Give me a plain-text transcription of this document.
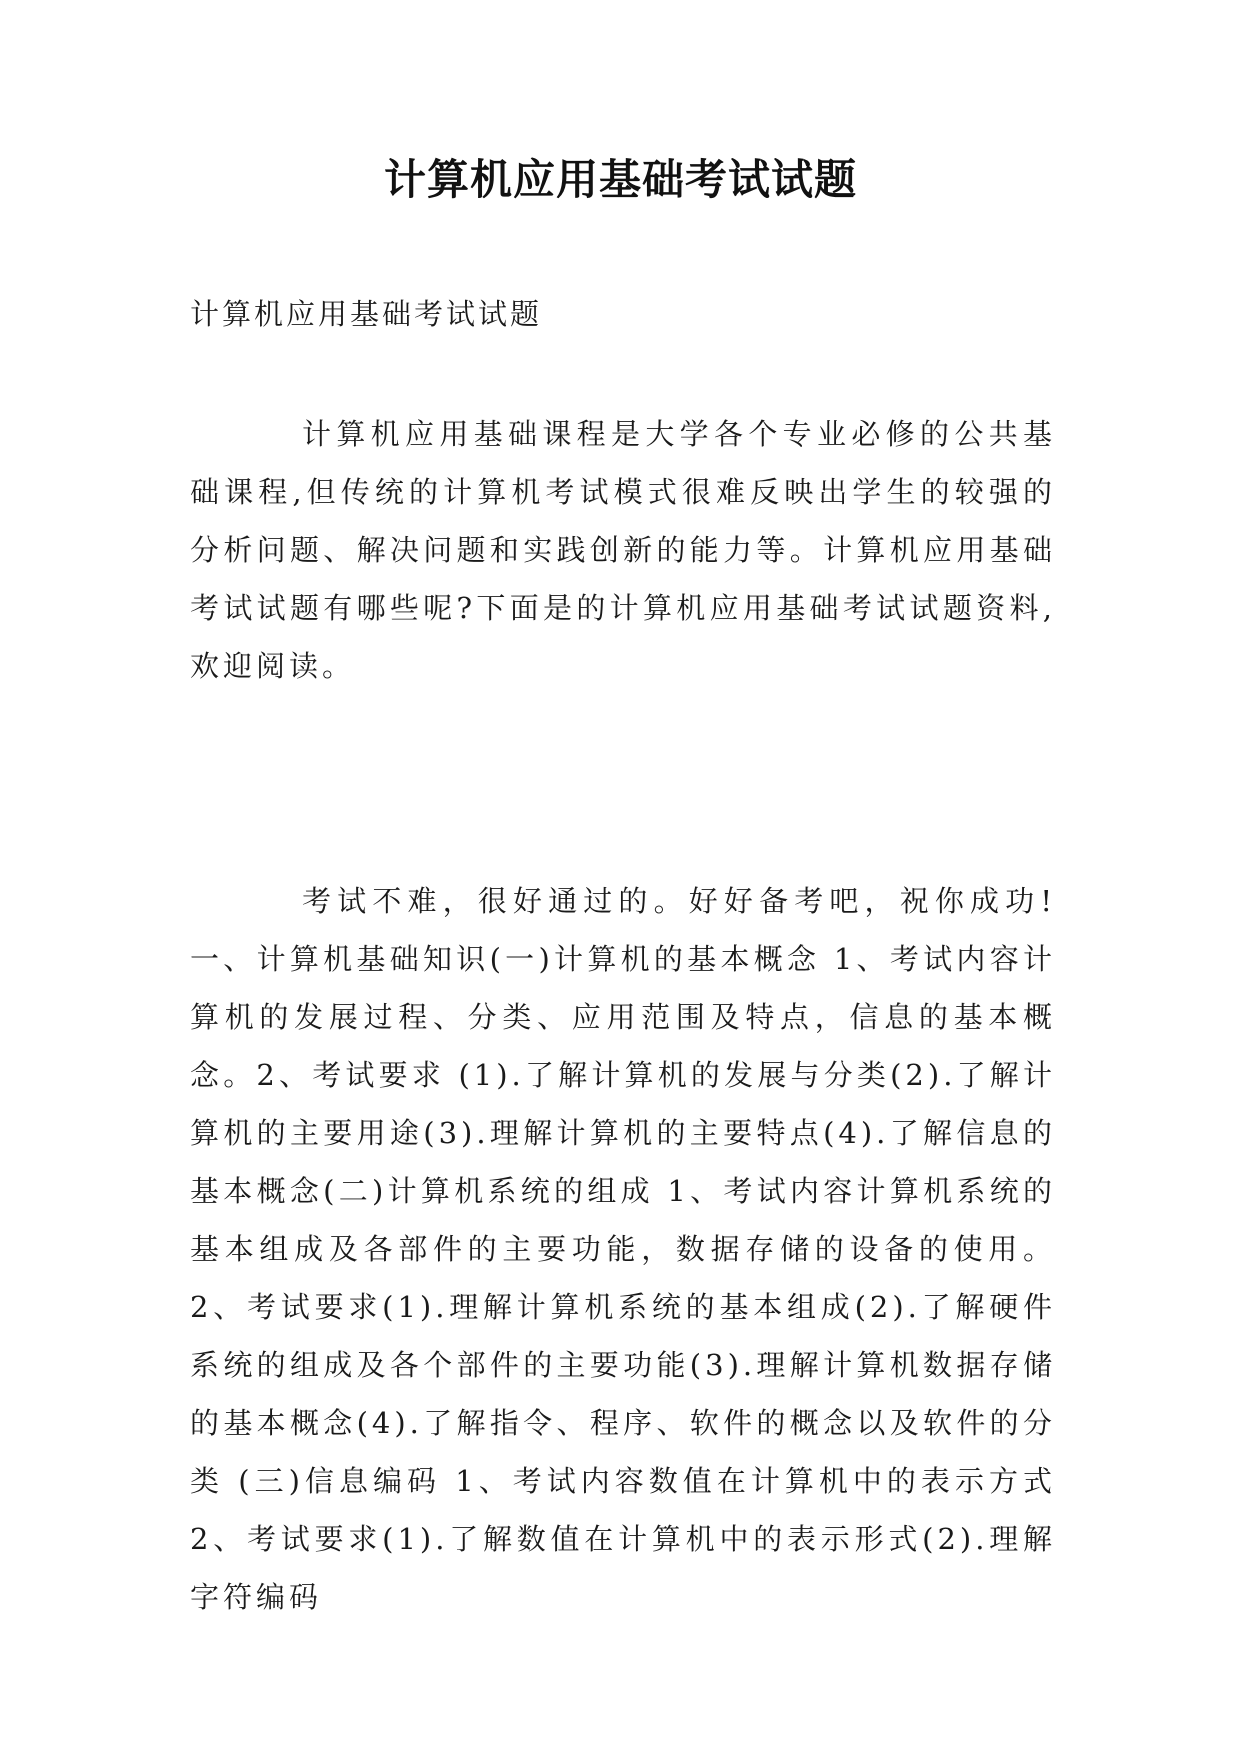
计算机应用基础考试试题

计算机应用基础考试试题

计算机应用基础课程是大学各个专业必修的公共基础课程,但传统的计算机考试模式很难反映出学生的较强的分析问题、解决问题和实践创新的能力等。计算机应用基础考试试题有哪些呢?下面是的计算机应用基础考试试题资料,欢迎阅读。

考试不难，很好通过的。好好备考吧，祝你成功!一、计算机基础知识(一)计算机的基本概念 1、考试内容计算机的发展过程、分类、应用范围及特点，信息的基本概念。2、考试要求 (1).了解计算机的发展与分类(2).了解计算机的主要用途(3).理解计算机的主要特点(4).了解信息的基本概念(二)计算机系统的组成 1、考试内容计算机系统的基本组成及各部件的主要功能，数据存储的设备的使用。2、考试要求(1).理解计算机系统的基本组成(2).了解硬件系统的组成及各个部件的主要功能(3).理解计算机数据存储的基本概念(4).了解指令、程序、软件的概念以及软件的分类 (三)信息编码 1、考试内容数值在计算机中的表示方式 2、考试要求(1).了解数值在计算机中的表示形式(2).理解字符编码
